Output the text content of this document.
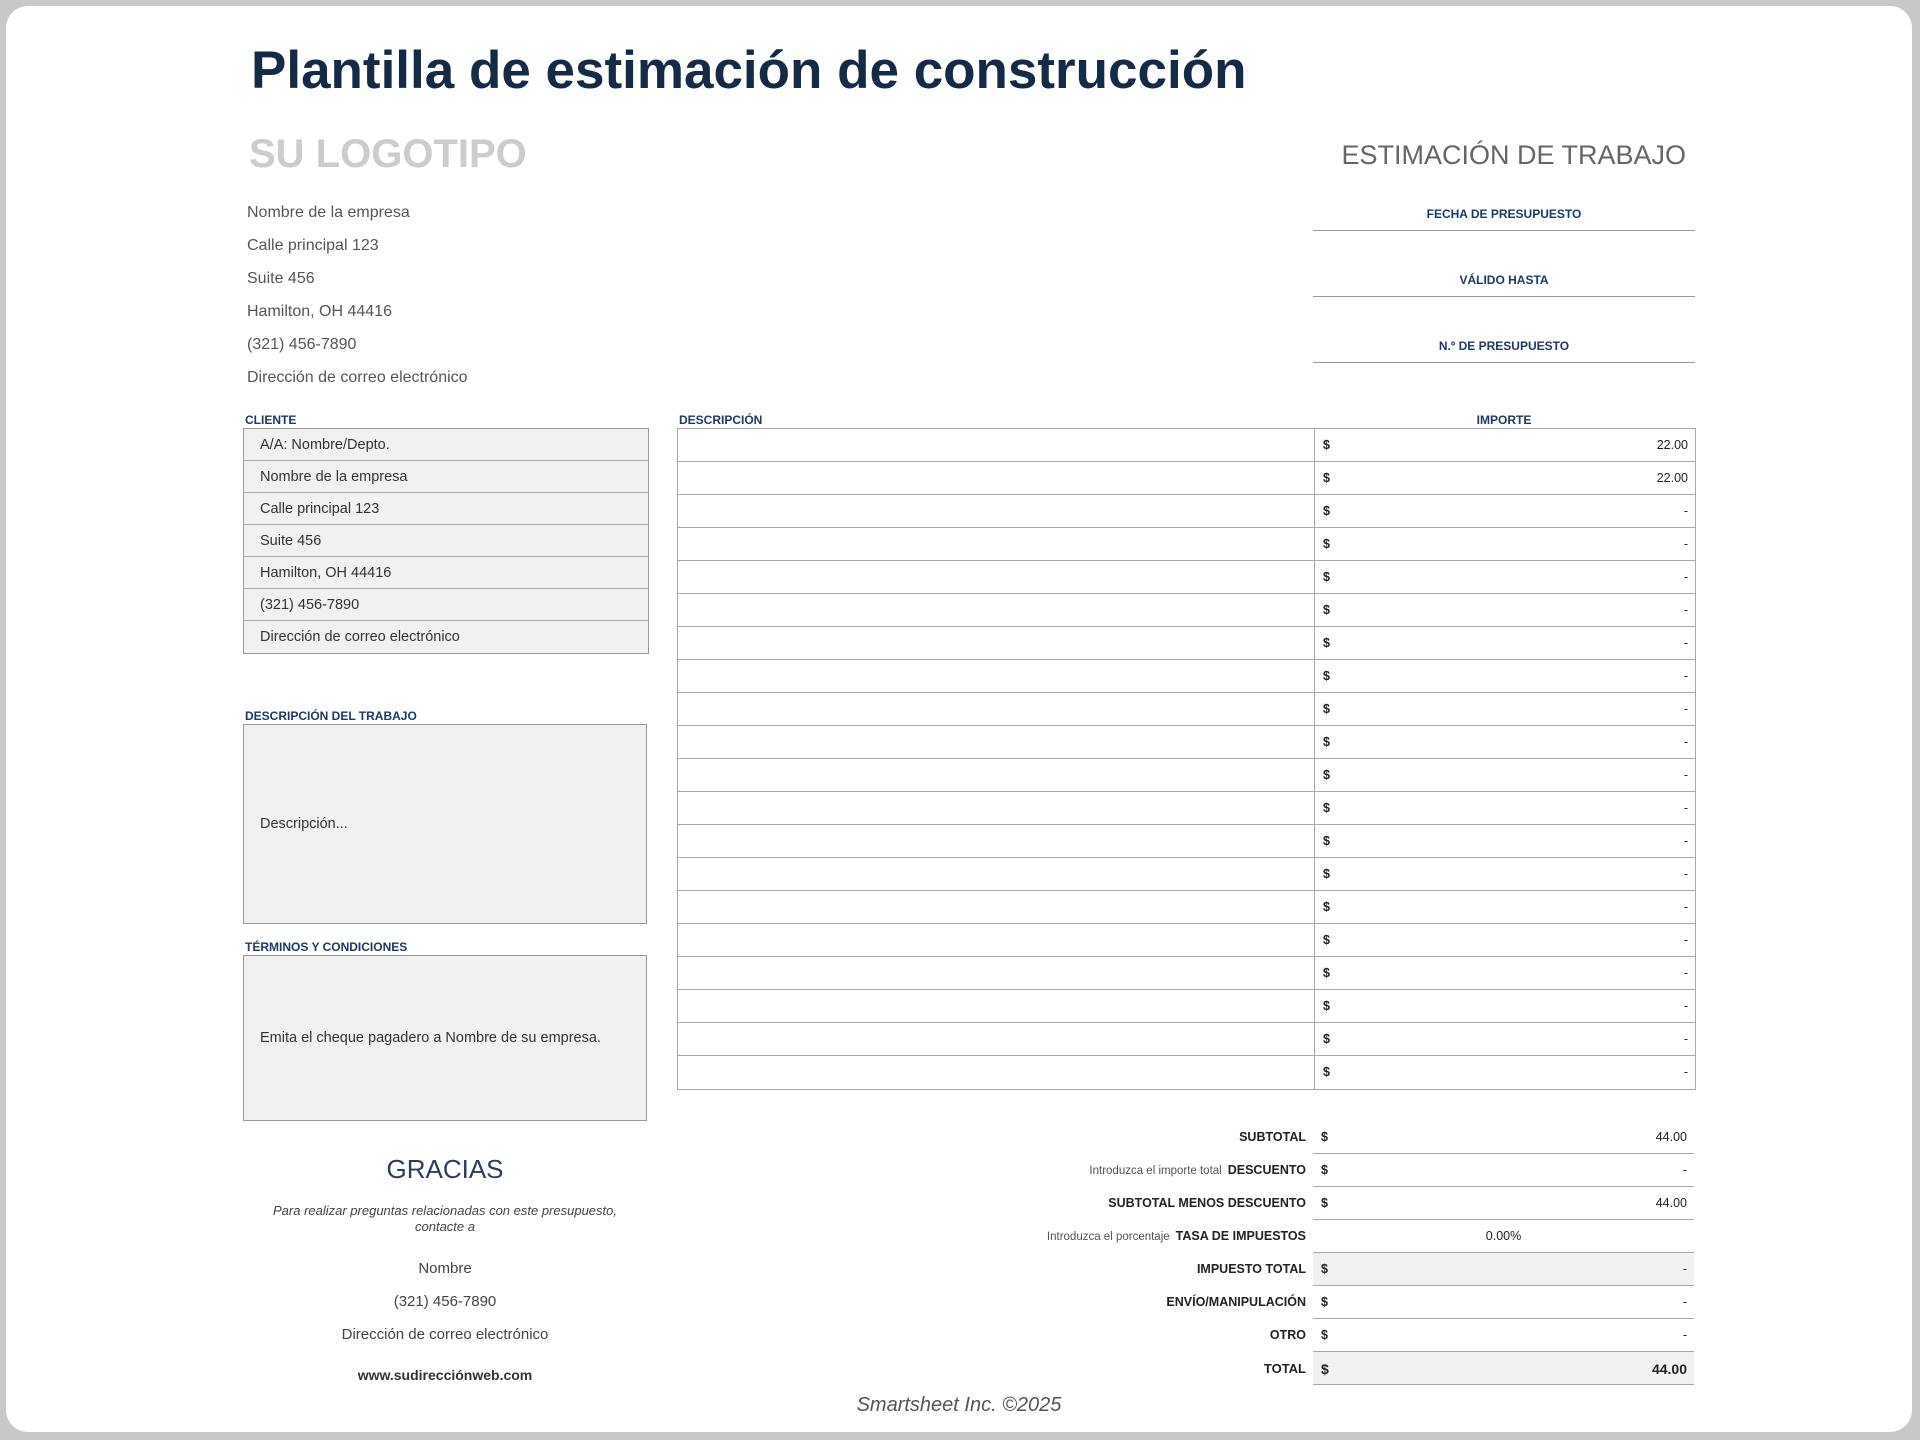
Plantilla de estimación de construcción
SU LOGOTIPO	ESTIMACIÓN DE TRABAJO
Nombre de la empresa
Calle principal 123
Suite 456
Hamilton, OH 44416
(321) 456-7890
Dirección de correo electrónico
FECHA DE PRESUPUESTO
VÁLIDO HASTA
N.º DE PRESUPUESTO
CLIENTE
A/A: Nombre/Depto.
Nombre de la empresa
Calle principal 123
Suite 456
Hamilton, OH 44416
(321) 456-7890
Dirección de correo electrónico
DESCRIPCIÓN DEL TRABAJO
Descripción...
TÉRMINOS Y CONDICIONES
Emita el cheque pagadero a Nombre de su empresa.
DESCRIPCIÓN	IMPORTE
$	22.00
$	22.00
$	-
$	-
$	-
$	-
$	-
$	-
$	-
$	-
$	-
$	-
$	-
$	-
$	-
$	-
$	-
$	-
$	-
$	-
SUBTOTAL $	44.00
Introduzca el importe total DESCUENTO $	-
SUBTOTAL MENOS DESCUENTO $	44.00
Introduzca el porcentaje TASA DE IMPUESTOS	0.00%
IMPUESTO TOTAL $	-
ENVÍO/MANIPULACIÓN $	-
OTRO $	-
TOTAL $	44.00
GRACIAS
Para realizar preguntas relacionadas con este presupuesto, contacte a
Nombre
(321) 456-7890
Dirección de correo electrónico
www.sudirecciónweb.com
Smartsheet Inc. ©2025
